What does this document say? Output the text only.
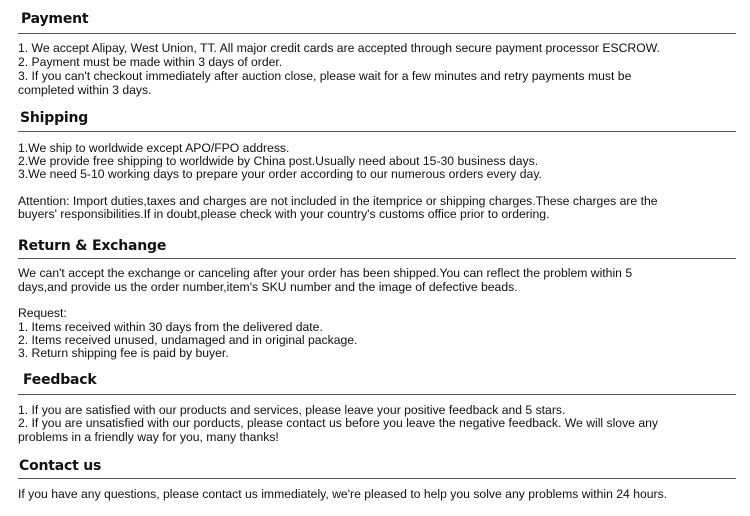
Payment
1. We accept Alipay, West Union, TT. All major credit cards are accepted through secure payment processor ESCROW.
2. Payment must be made within 3 days of order.
3. If you can't checkout immediately after auction close, please wait for a few minutes and retry payments must be
completed within 3 days.
Shipping
1.We ship to worldwide except APO/FPO address.
2.We provide free shipping to worldwide by China post.Usually need about 15-30 business days.
3.We need 5-10 working days to prepare your order according to our numerous orders every day.
Attention: Import duties,taxes and charges are not included in the itemprice or shipping charges.These charges are the
buyers' responsibilities.If in doubt,please check with your country's customs office prior to ordering.
Return & Exchange
We can't accept the exchange or canceling after your order has been shipped.You can reflect the problem within 5
days,and provide us the order number,item's SKU number and the image of defective beads.
Request:
1. Items received within 30 days from the delivered date.
2. Items received unused, undamaged and in original package.
3. Return shipping fee is paid by buyer.
Feedback
1. If you are satisfied with our products and services, please leave your positive feedback and 5 stars.
2. If you are unsatisfied with our porducts, please contact us before you leave the negative feedback. We will slove any
problems in a friendly way for you, many thanks!
Contact us
If you have any questions, please contact us immediately, we're pleased to help you solve any problems within 24 hours.
